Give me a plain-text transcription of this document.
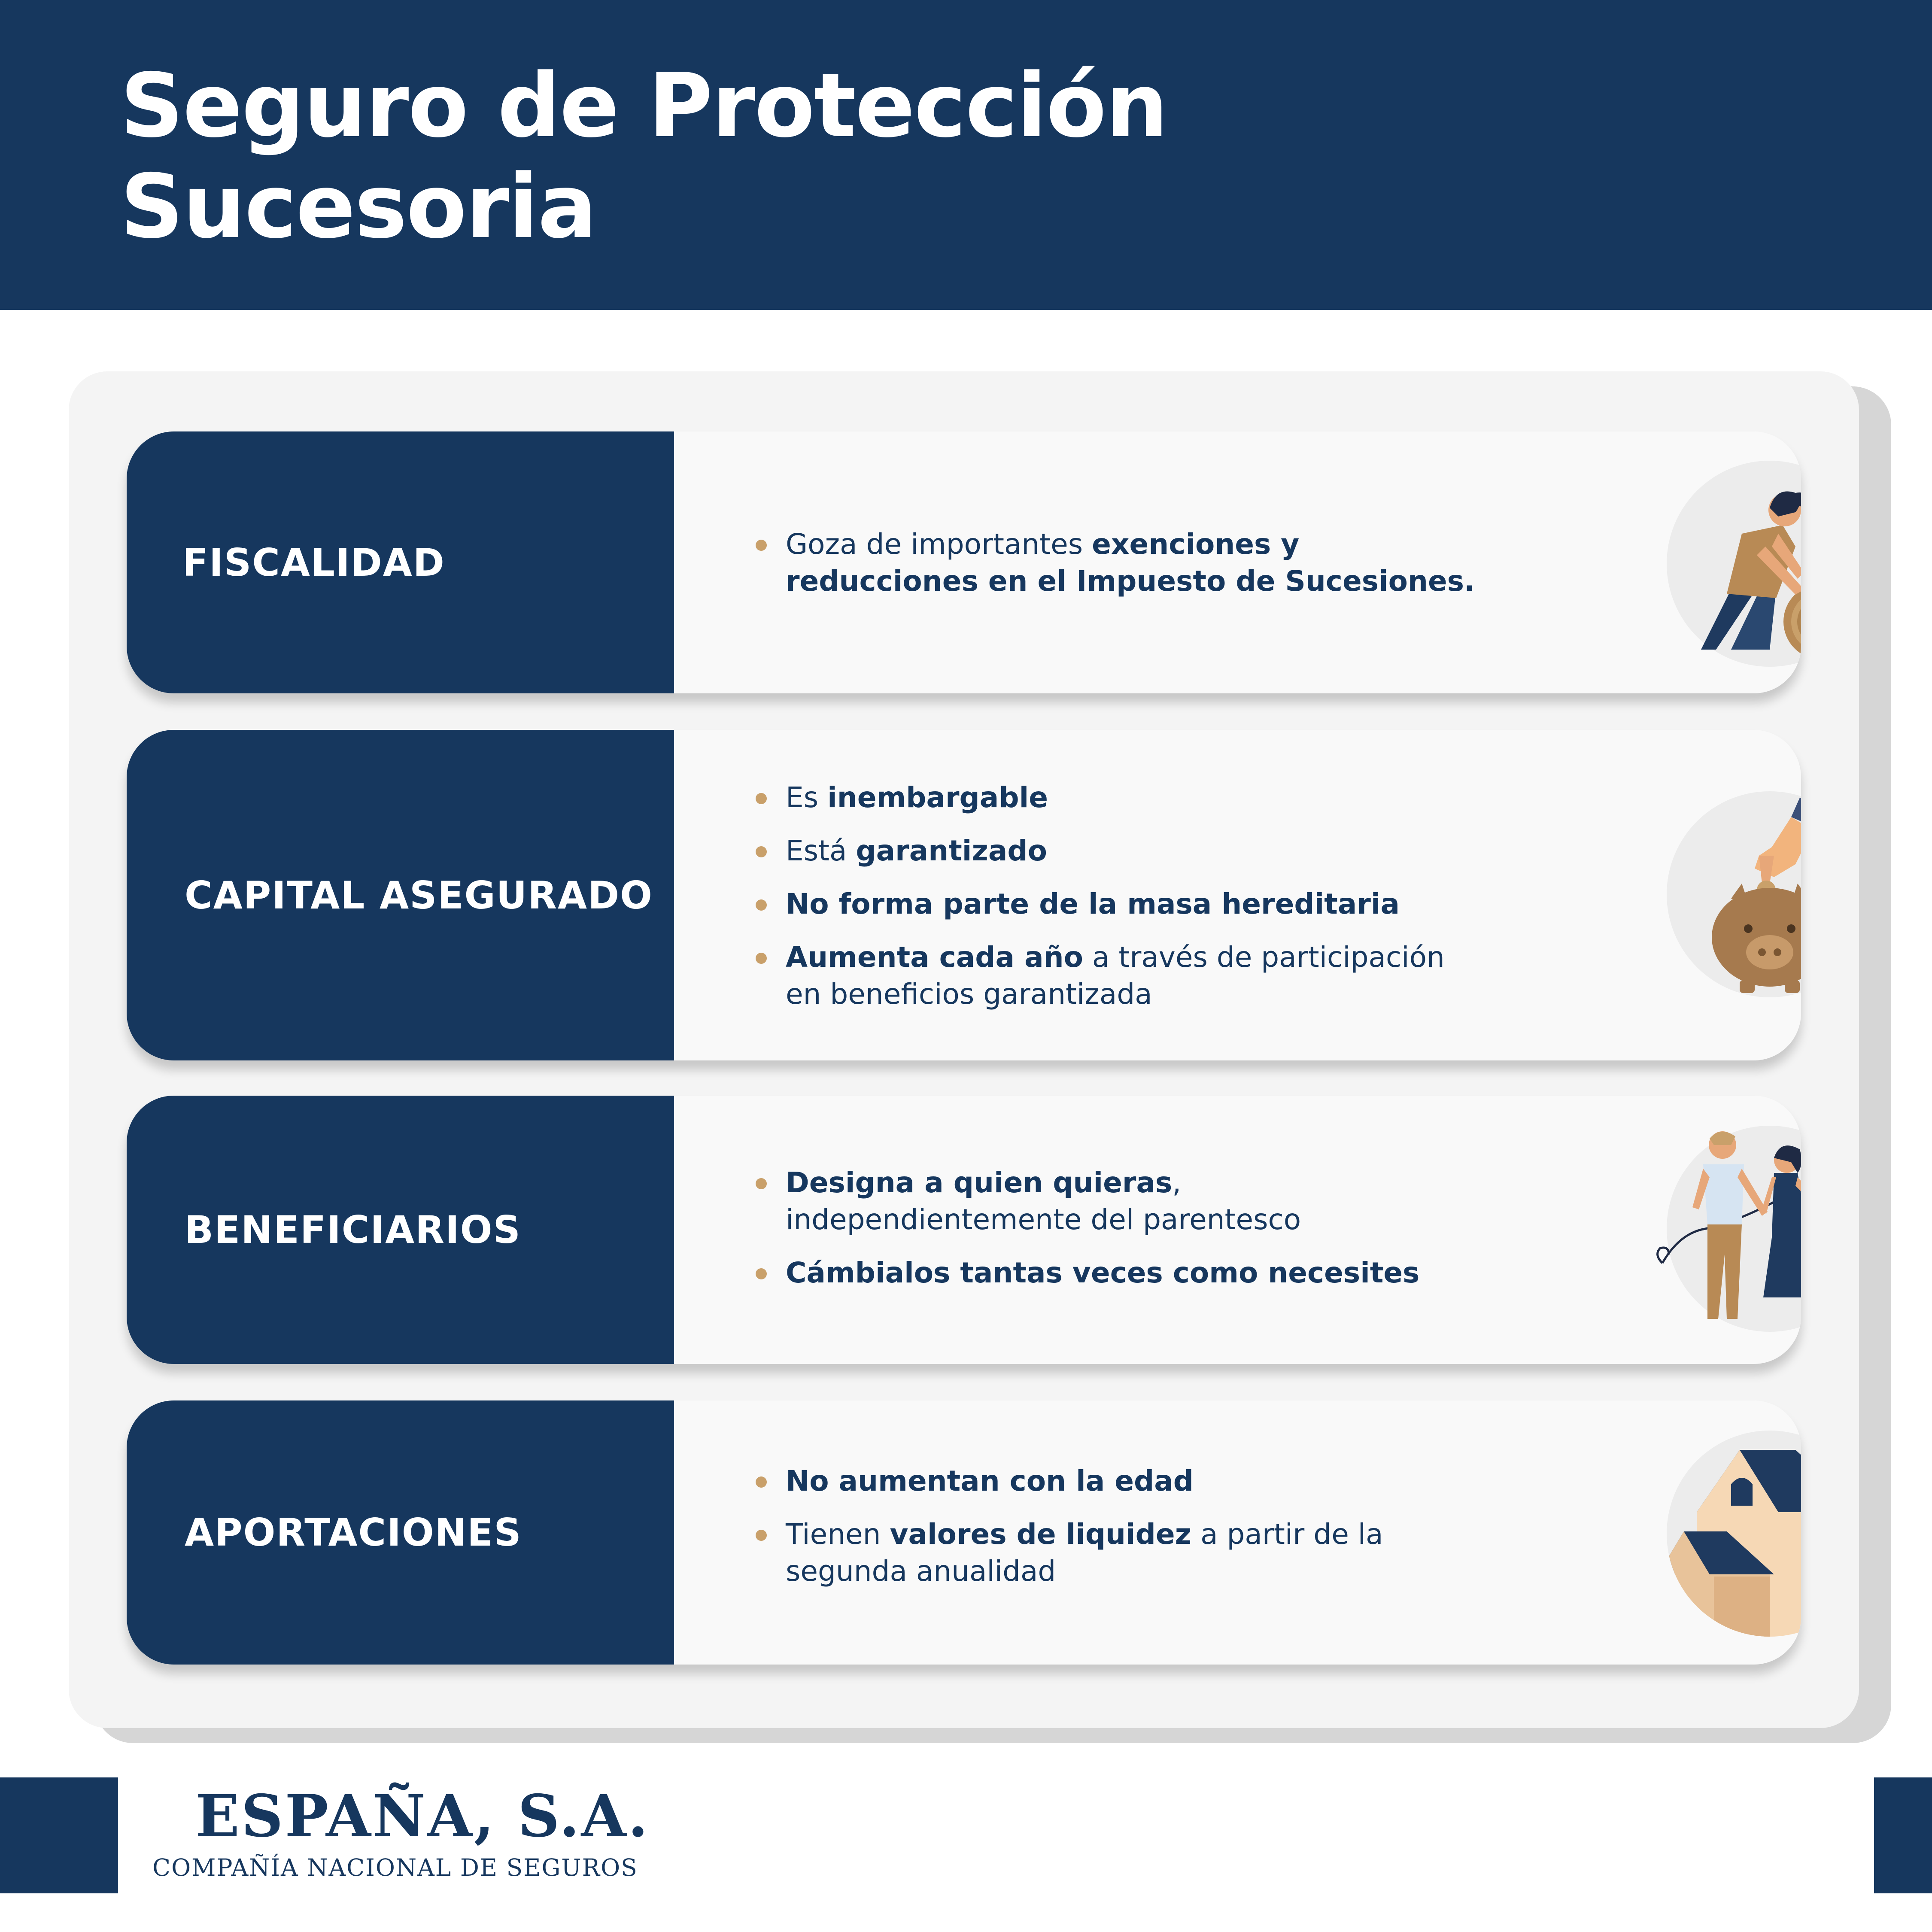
Seguro de Protección
Sucesoria
FISCALIDAD	Goza de importantes exenciones y reducciones en el Impuesto de Sucesiones.
CAPITAL ASEGURADO
Es inembargable
Está garantizado
No forma parte de la masa hereditaria
Aumenta cada año a través de participación en beneficios garantizada
BENEFICIARIOS
Designa a quien quieras, independientemente del parentesco
Cámbialos tantas veces como necesites
APORTACIONES
No aumentan con la edad
Tienen valores de liquidez a partir de la segunda anualidad
ESPAÑA, S.A.
COMPAÑÍA NACIONAL DE SEGUROS
